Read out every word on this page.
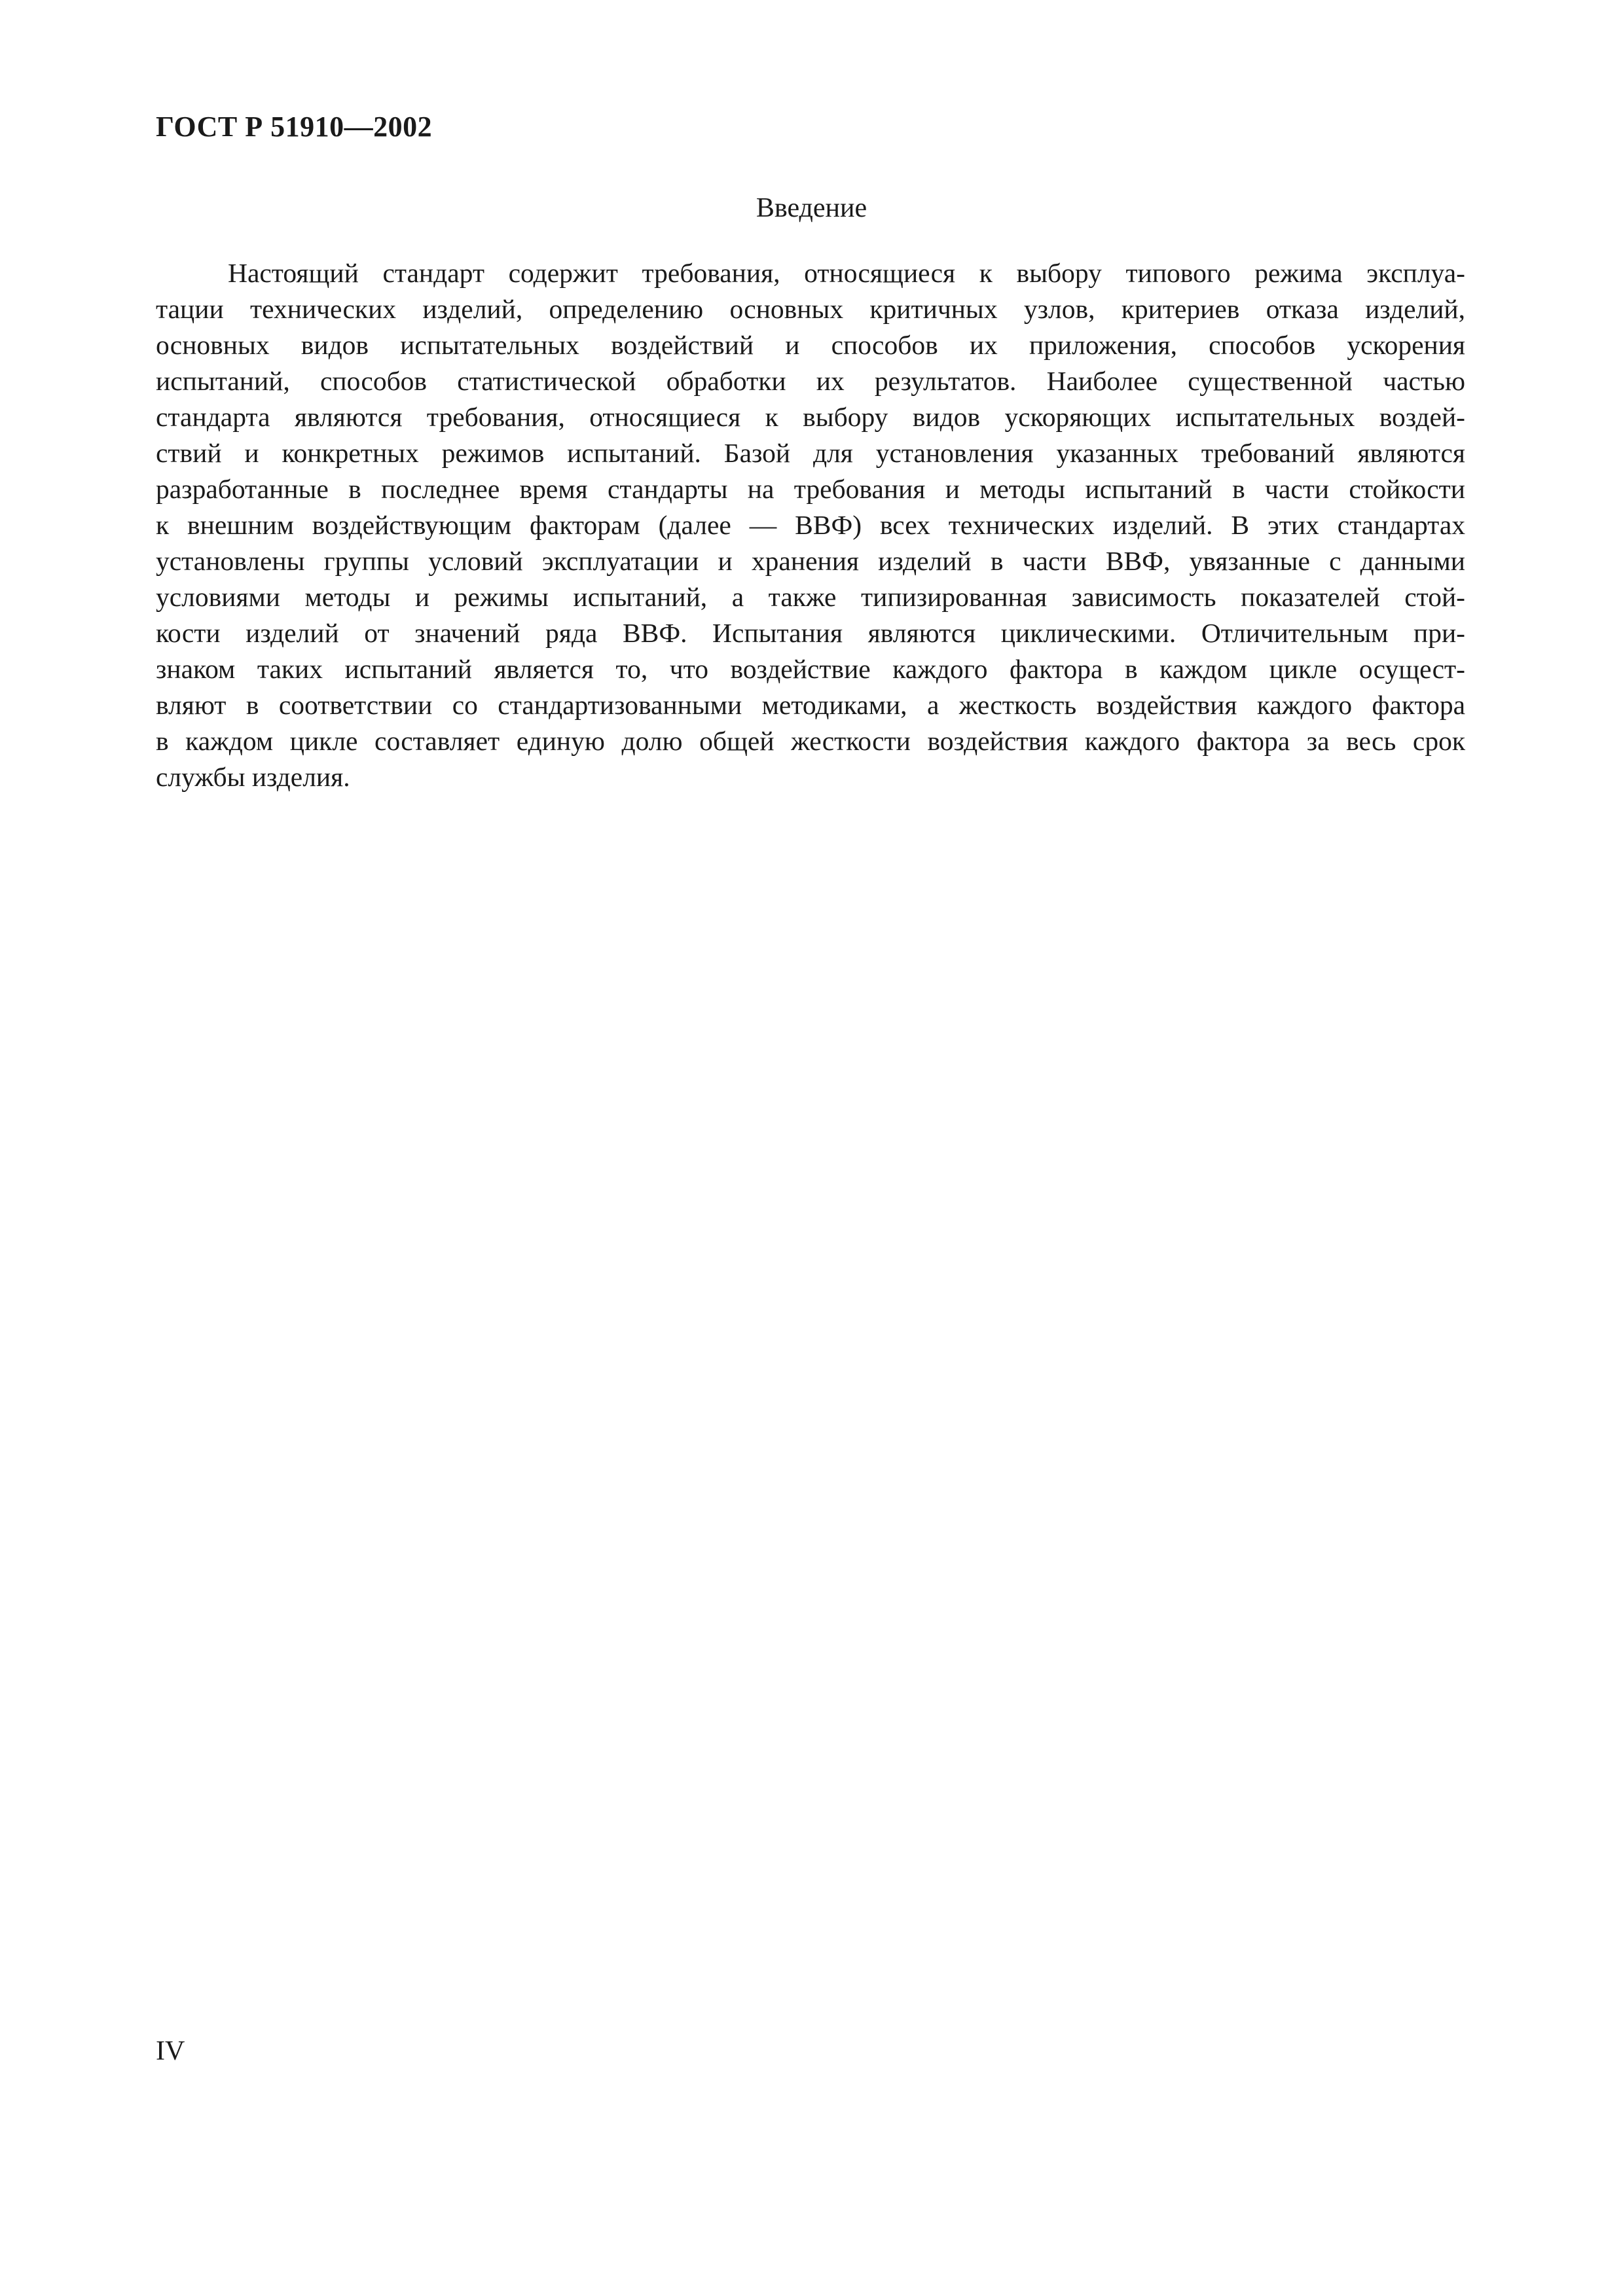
ГОСТ Р 51910—2002
Введение
Настоящий стандарт содержит требования, относящиеся к выбору типового режима эксплуа-
тации технических изделий, определению основных критичных узлов, критериев отказа изделий,
основных видов испытательных воздействий и способов их приложения, способов ускорения
испытаний, способов статистической обработки их результатов. Наиболее существенной частью
стандарта являются требования, относящиеся к выбору видов ускоряющих испытательных воздей-
ствий и конкретных режимов испытаний. Базой для установления указанных требований являются
разработанные в последнее время стандарты на требования и методы испытаний в части стойкости
к внешним воздействующим факторам (далее — ВВФ) всех технических изделий. В этих стандартах
установлены группы условий эксплуатации и хранения изделий в части ВВФ, увязанные с данными
условиями методы и режимы испытаний, а также типизированная зависимость показателей стой-
кости изделий от значений ряда ВВФ. Испытания являются циклическими. Отличительным при-
знаком таких испытаний является то, что воздействие каждого фактора в каждом цикле осущест-
вляют в соответствии со стандартизованными методиками, а жесткость воздействия каждого фактора
в каждом цикле составляет единую долю общей жесткости воздействия каждого фактора за весь срок
службы изделия.
IV
